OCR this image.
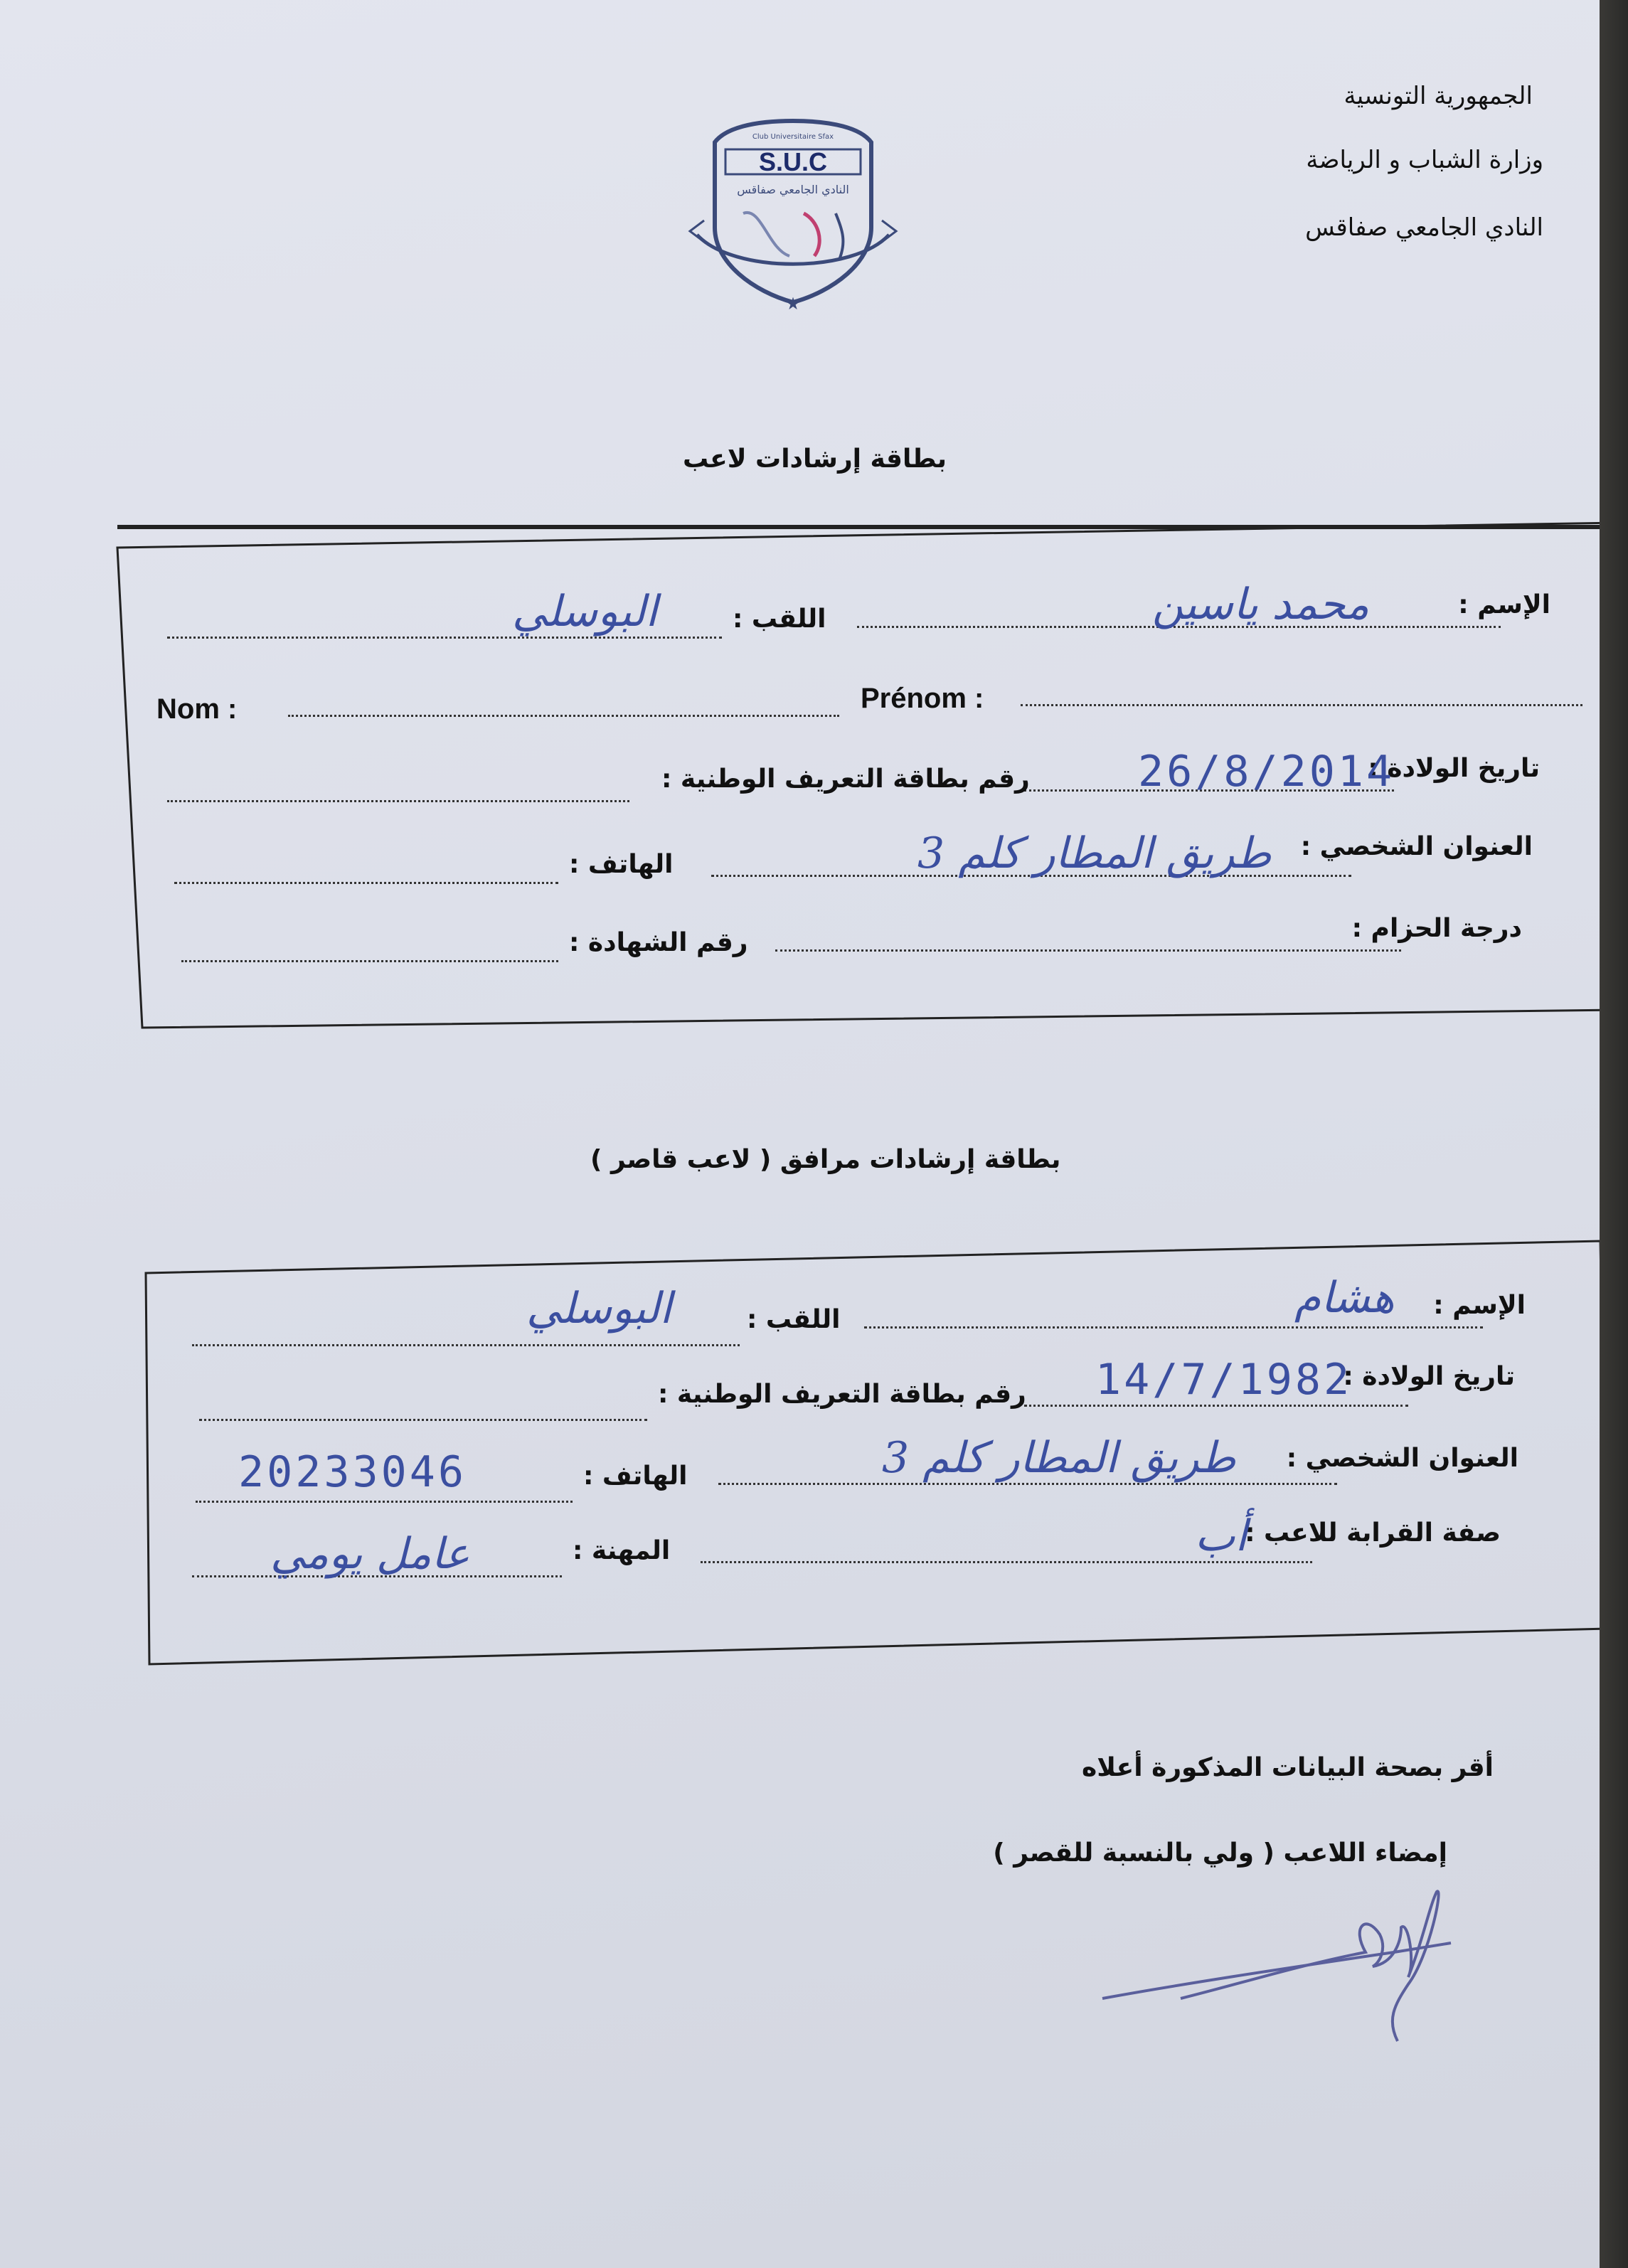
الجمهورية التونسية
وزارة الشباب و الرياضة
النادي الجامعي صفاقس
Club Universitaire Sfax
S.U.C
النادي الجامعي صفاقس
★
بطاقة إرشادات لاعب
الإسم :
محمد ياسين
اللقب :
البوسلي
Nom :	Prénom :
تاريخ الولادة :
26/8/2014
رقم بطاقة التعريف الوطنية :
العنوان الشخصي :
طريق المطار كلم 3
الهاتف :
درجة الحزام :
رقم الشهادة :
بطاقة إرشادات مرافق ( لاعب قاصر )
الإسم :
هشام
اللقب :
البوسلي
تاريخ الولادة :
14/7/1982
رقم بطاقة التعريف الوطنية :
العنوان الشخصي :
طريق المطار كلم 3
الهاتف :
20233046
صفة القرابة للاعب :
أب
المهنة :
عامل يومي
أقر بصحة البيانات المذكورة أعلاه
إمضاء اللاعب ( ولي بالنسبة للقصر )
